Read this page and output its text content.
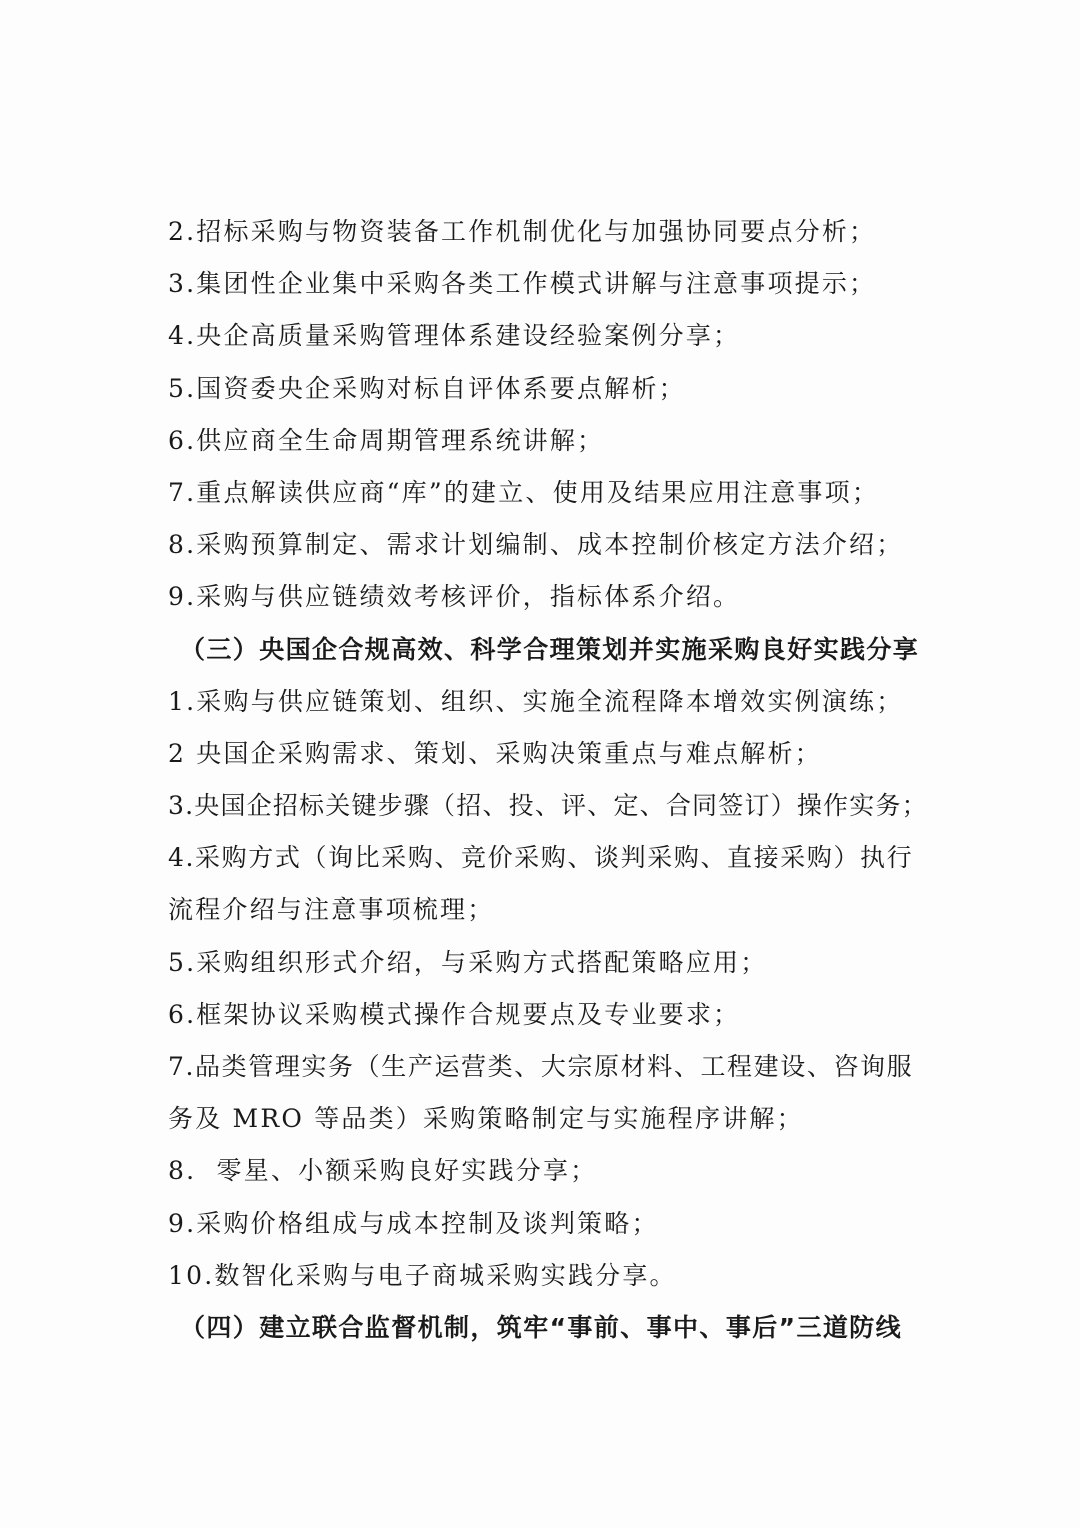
2.招标采购与物资装备工作机制优化与加强协同要点分析；
3.集团性企业集中采购各类工作模式讲解与注意事项提示；
4.央企高质量采购管理体系建设经验案例分享；
5.国资委央企采购对标自评体系要点解析；
6.供应商全生命周期管理系统讲解；
7.重点解读供应商“库”的建立、使用及结果应用注意事项；
8.采购预算制定、需求计划编制、成本控制价核定方法介绍；
9.采购与供应链绩效考核评价，指标体系介绍。
（三）央国企合规高效、科学合理策划并实施采购良好实践分享
1.采购与供应链策划、组织、实施全流程降本增效实例演练；
2 央国企采购需求、策划、采购决策重点与难点解析；
3.央国企招标关键步骤（招、投、评、定、合同签订）操作实务；
4.采购方式（询比采购、竞价采购、谈判采购、直接采购）执行
流程介绍与注意事项梳理；
5.采购组织形式介绍，与采购方式搭配策略应用；
6.框架协议采购模式操作合规要点及专业要求；
7.品类管理实务（生产运营类、大宗原材料、工程建设、咨询服
务及 MRO 等品类）采购策略制定与实施程序讲解；
8.  零星、小额采购良好实践分享；
9.采购价格组成与成本控制及谈判策略；
10.数智化采购与电子商城采购实践分享。
（四）建立联合监督机制，筑牢“事前、事中、事后”三道防线
